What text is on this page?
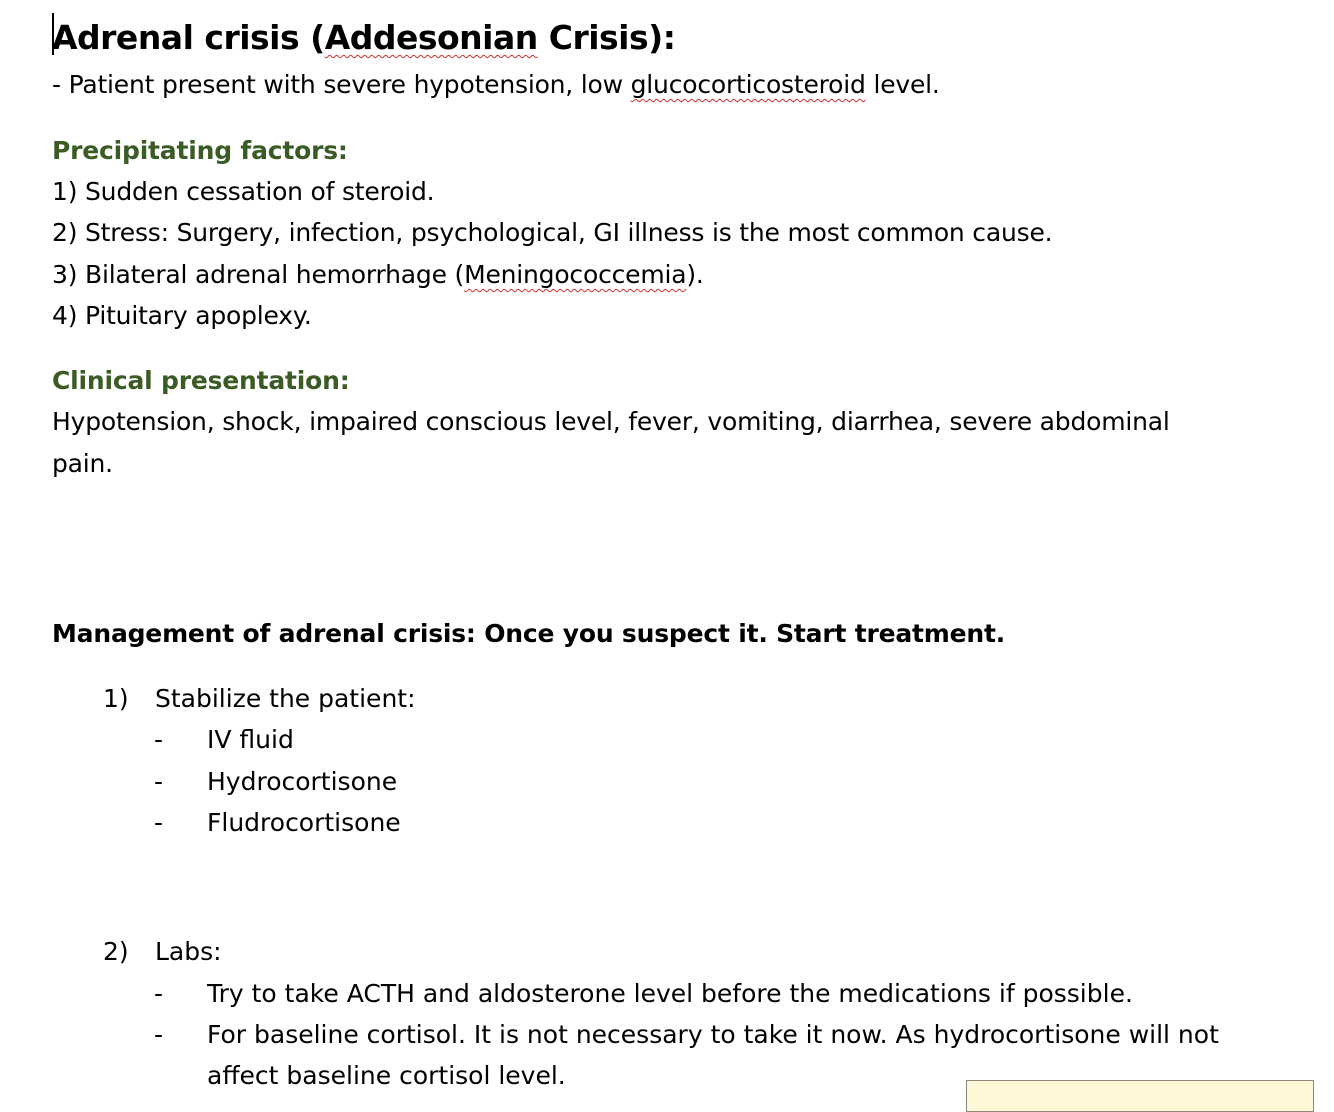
Adrenal crisis (Addesonian Crisis):
- Patient present with severe hypotension, low glucocorticosteroid level.
Precipitating factors:
1) Sudden cessation of steroid.
2) Stress: Surgery, infection, psychological, GI illness is the most common cause.
3) Bilateral adrenal hemorrhage (Meningococcemia).
4) Pituitary apoplexy.
Clinical presentation:
Hypotension, shock, impaired conscious level, fever, vomiting, diarrhea, severe abdominal
pain.
Management of adrenal crisis: Once you suspect it. Start treatment.
1) Stabilize the patient:
- IV fluid
- Hydrocortisone
- Fludrocortisone
2) Labs:
- Try to take ACTH and aldosterone level before the medications if possible.
- For baseline cortisol. It is not necessary to take it now. As hydrocortisone will not
affect baseline cortisol level.
